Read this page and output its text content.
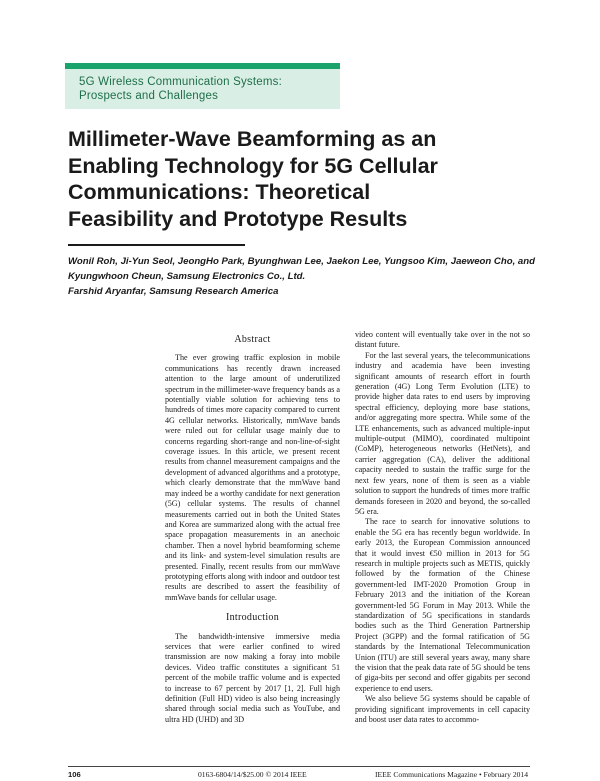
5G Wireless Communication Systems:
Prospects and Challenges
Millimeter-Wave Beamforming as an
Enabling Technology for 5G Cellular
Communications: Theoretical
Feasibility and Prototype Results
Wonil Roh, Ji-Yun Seol, JeongHo Park, Byunghwan Lee, Jaekon Lee, Yungsoo Kim, Jaeweon Cho, and
Kyungwhoon Cheun, Samsung Electronics Co., Ltd.
Farshid Aryanfar, Samsung Research America
Abstract

The ever growing traffic explosion in mobile communications has recently drawn increased attention to the large amount of underutilized spectrum in the millimeter-wave frequency bands as a potentially viable solution for achieving tens to hundreds of times more capacity compared to current 4G cellular networks. Historically, mmWave bands were ruled out for cellular usage mainly due to concerns regarding short-range and non-line-of-sight coverage issues. In this article, we present recent results from channel measurement campaigns and the development of advanced algorithms and a prototype, which clearly demonstrate that the mmWave band may indeed be a worthy candidate for next generation (5G) cellular systems. The results of channel measurements carried out in both the United States and Korea are summarized along with the actual free space propagation measurements in an anechoic chamber. Then a novel hybrid beamforming scheme and its link- and system-level simulation results are presented. Finally, recent results from our mmWave prototyping efforts along with indoor and outdoor test results are described to assert the feasibility of mmWave bands for cellular usage.

Introduction

The bandwidth-intensive immersive media services that were earlier confined to wired transmission are now making a foray into mobile devices. Video traffic constitutes a significant 51 percent of the mobile traffic volume and is expected to increase to 67 percent by 2017 [1, 2]. Full high definition (Full HD) video is also being increasingly shared through social media such as YouTube, and ultra HD (UHD) and 3D

video content will eventually take over in the not so distant future.

For the last several years, the telecommunications industry and academia have been investing significant amounts of research effort in fourth generation (4G) Long Term Evolution (LTE) to provide higher data rates to end users by improving spectral efficiency, deploying more base stations, and/or aggregating more spectra. While some of the LTE enhancements, such as advanced multiple-input multiple-output (MIMO), coordinated multipoint (CoMP), heterogeneous networks (HetNets), and carrier aggregation (CA), deliver the additional capacity needed to sustain the traffic surge for the next few years, none of them is seen as a viable solution to support the hundreds of times more traffic demands foreseen in 2020 and beyond, the so-called 5G era.

The race to search for innovative solutions to enable the 5G era has recently begun worldwide. In early 2013, the European Commission announced that it would invest €50 million in 2013 for 5G research in multiple projects such as METIS, quickly followed by the formation of the Chinese government-led IMT-2020 Promotion Group in February 2013 and the initiation of the Korean government-led 5G Forum in May 2013. While the standardization of 5G specifications in standards bodies such as the Third Generation Partnership Project (3GPP) and the formal ratification of 5G standards by the International Telecommunication Union (ITU) are still several years away, many share the vision that the peak data rate of 5G should be tens of giga-bits per second and offer gigabits per second experience to end users.

We also believe 5G systems should be capable of providing significant improvements in cell capacity and boost user data rates to accommo-

106	0163-6804/14/$25.00 © 2014 IEEE	IEEE Communications Magazine • February 2014
